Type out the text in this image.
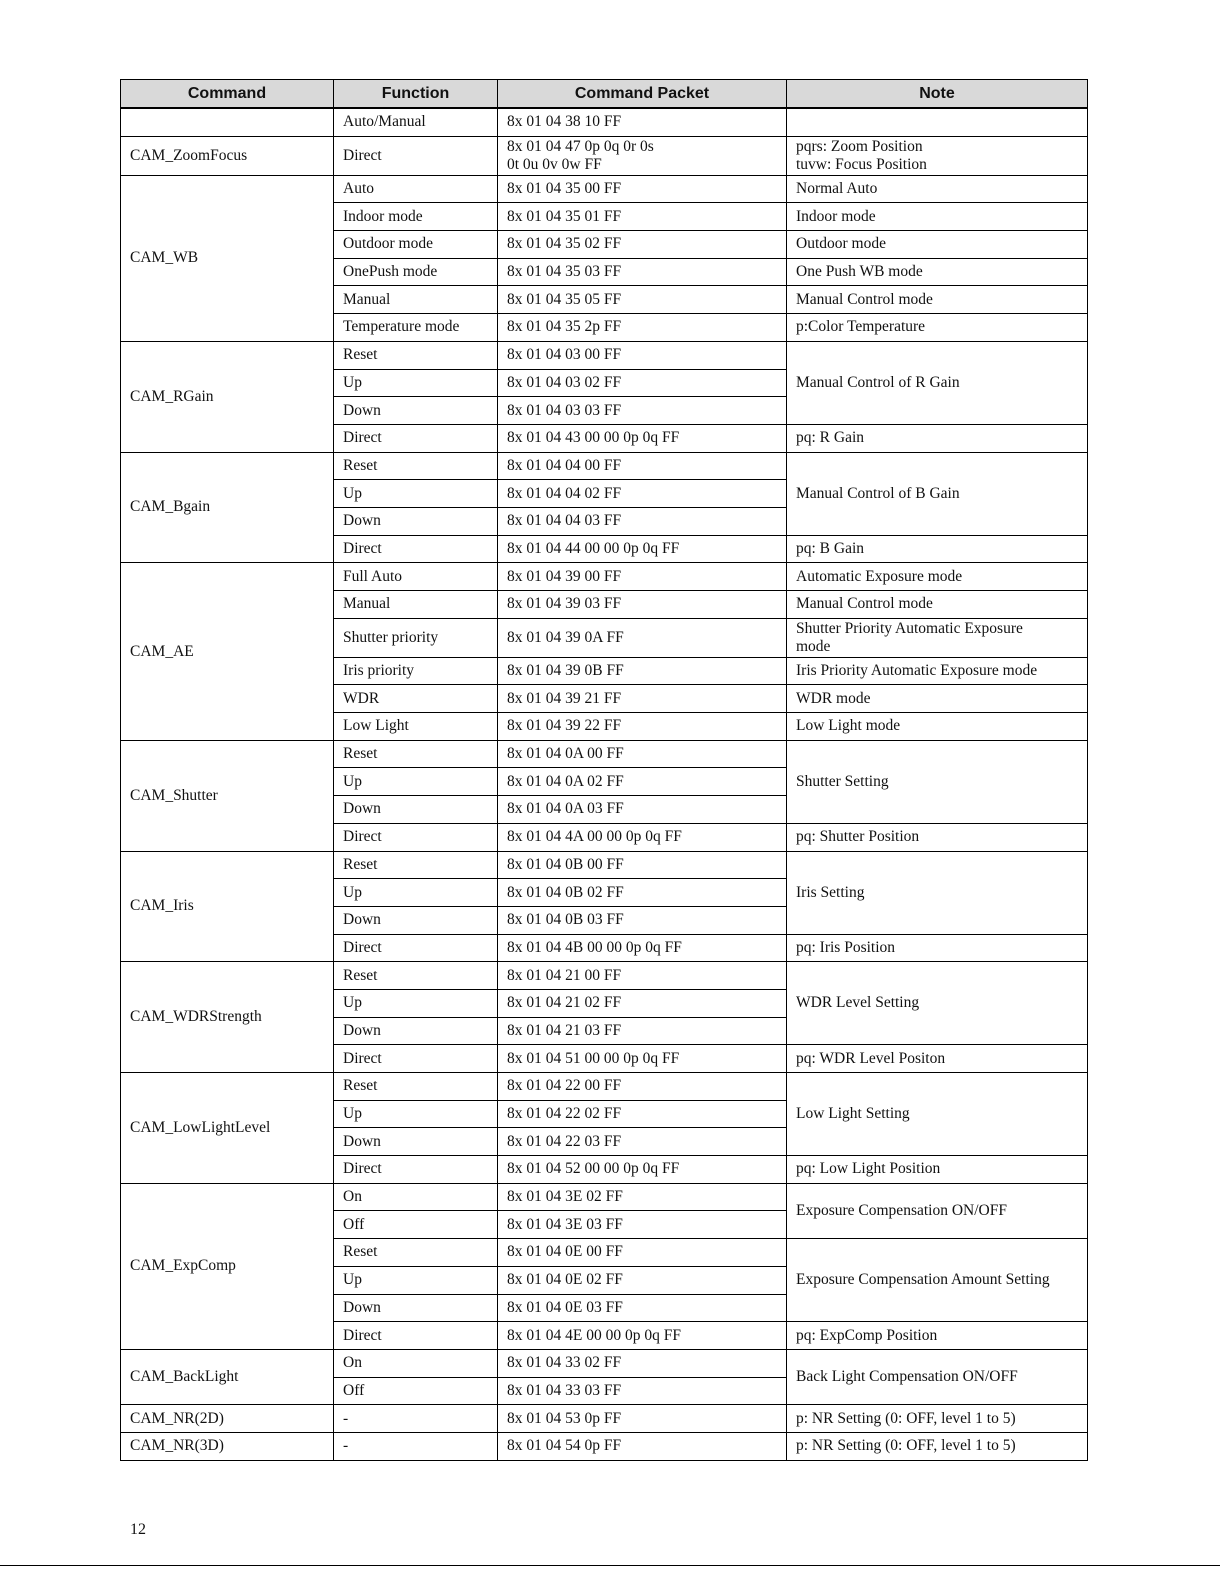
Command	Function	Command Packet	Note
	Auto/Manual	8x 01 04 38 10 FF	
CAM_ZoomFocus	Direct	8x 01 04 47 0p 0q 0r 0s
0t 0u 0v 0w FF	pqrs: Zoom Position
tuvw: Focus Position
CAM_WB	Auto	8x 01 04 35 00 FF	Normal Auto
	Indoor mode	8x 01 04 35 01 FF	Indoor mode
	Outdoor mode	8x 01 04 35 02 FF	Outdoor mode
	OnePush mode	8x 01 04 35 03 FF	One Push WB mode
	Manual	8x 01 04 35 05 FF	Manual Control mode
	Temperature mode	8x 01 04 35 2p FF	p:Color Temperature
CAM_RGain	Reset	8x 01 04 03 00 FF	Manual Control of R Gain
	Up	8x 01 04 03 02 FF	
	Down	8x 01 04 03 03 FF	
	Direct	8x 01 04 43 00 00 0p 0q FF	pq: R Gain
CAM_Bgain	Reset	8x 01 04 04 00 FF	Manual Control of B Gain
	Up	8x 01 04 04 02 FF	
	Down	8x 01 04 04 03 FF	
	Direct	8x 01 04 44 00 00 0p 0q FF	pq: B Gain
CAM_AE	Full Auto	8x 01 04 39 00 FF	Automatic Exposure mode
	Manual	8x 01 04 39 03 FF	Manual Control mode
	Shutter priority	8x 01 04 39 0A FF	Shutter Priority Automatic Exposure
mode
	Iris priority	8x 01 04 39 0B FF	Iris Priority Automatic Exposure mode
	WDR	8x 01 04 39 21 FF	WDR mode
	Low Light	8x 01 04 39 22 FF	Low Light mode
CAM_Shutter	Reset	8x 01 04 0A 00 FF	Shutter Setting
	Up	8x 01 04 0A 02 FF	
	Down	8x 01 04 0A 03 FF	
	Direct	8x 01 04 4A 00 00 0p 0q FF	pq: Shutter Position
CAM_Iris	Reset	8x 01 04 0B 00 FF	Iris Setting
	Up	8x 01 04 0B 02 FF	
	Down	8x 01 04 0B 03 FF	
	Direct	8x 01 04 4B 00 00 0p 0q FF	pq: Iris Position
CAM_WDRStrength	Reset	8x 01 04 21 00 FF	WDR Level Setting
	Up	8x 01 04 21 02 FF	
	Down	8x 01 04 21 03 FF	
	Direct	8x 01 04 51 00 00 0p 0q FF	pq: WDR Level Positon
CAM_LowLightLevel	Reset	8x 01 04 22 00 FF	Low Light Setting
	Up	8x 01 04 22 02 FF	
	Down	8x 01 04 22 03 FF	
	Direct	8x 01 04 52 00 00 0p 0q FF	pq: Low Light Position
CAM_ExpComp	On	8x 01 04 3E 02 FF	Exposure Compensation ON/OFF
	Off	8x 01 04 3E 03 FF	
	Reset	8x 01 04 0E 00 FF	Exposure Compensation Amount Setting
	Up	8x 01 04 0E 02 FF	
	Down	8x 01 04 0E 03 FF	
	Direct	8x 01 04 4E 00 00 0p 0q FF	pq: ExpComp Position
CAM_BackLight	On	8x 01 04 33 02 FF	Back Light Compensation ON/OFF
	Off	8x 01 04 33 03 FF	
CAM_NR(2D)	-	8x 01 04 53 0p FF	p: NR Setting (0: OFF, level 1 to 5)
CAM_NR(3D)	-	8x 01 04 54 0p FF	p: NR Setting (0: OFF, level 1 to 5)
12
